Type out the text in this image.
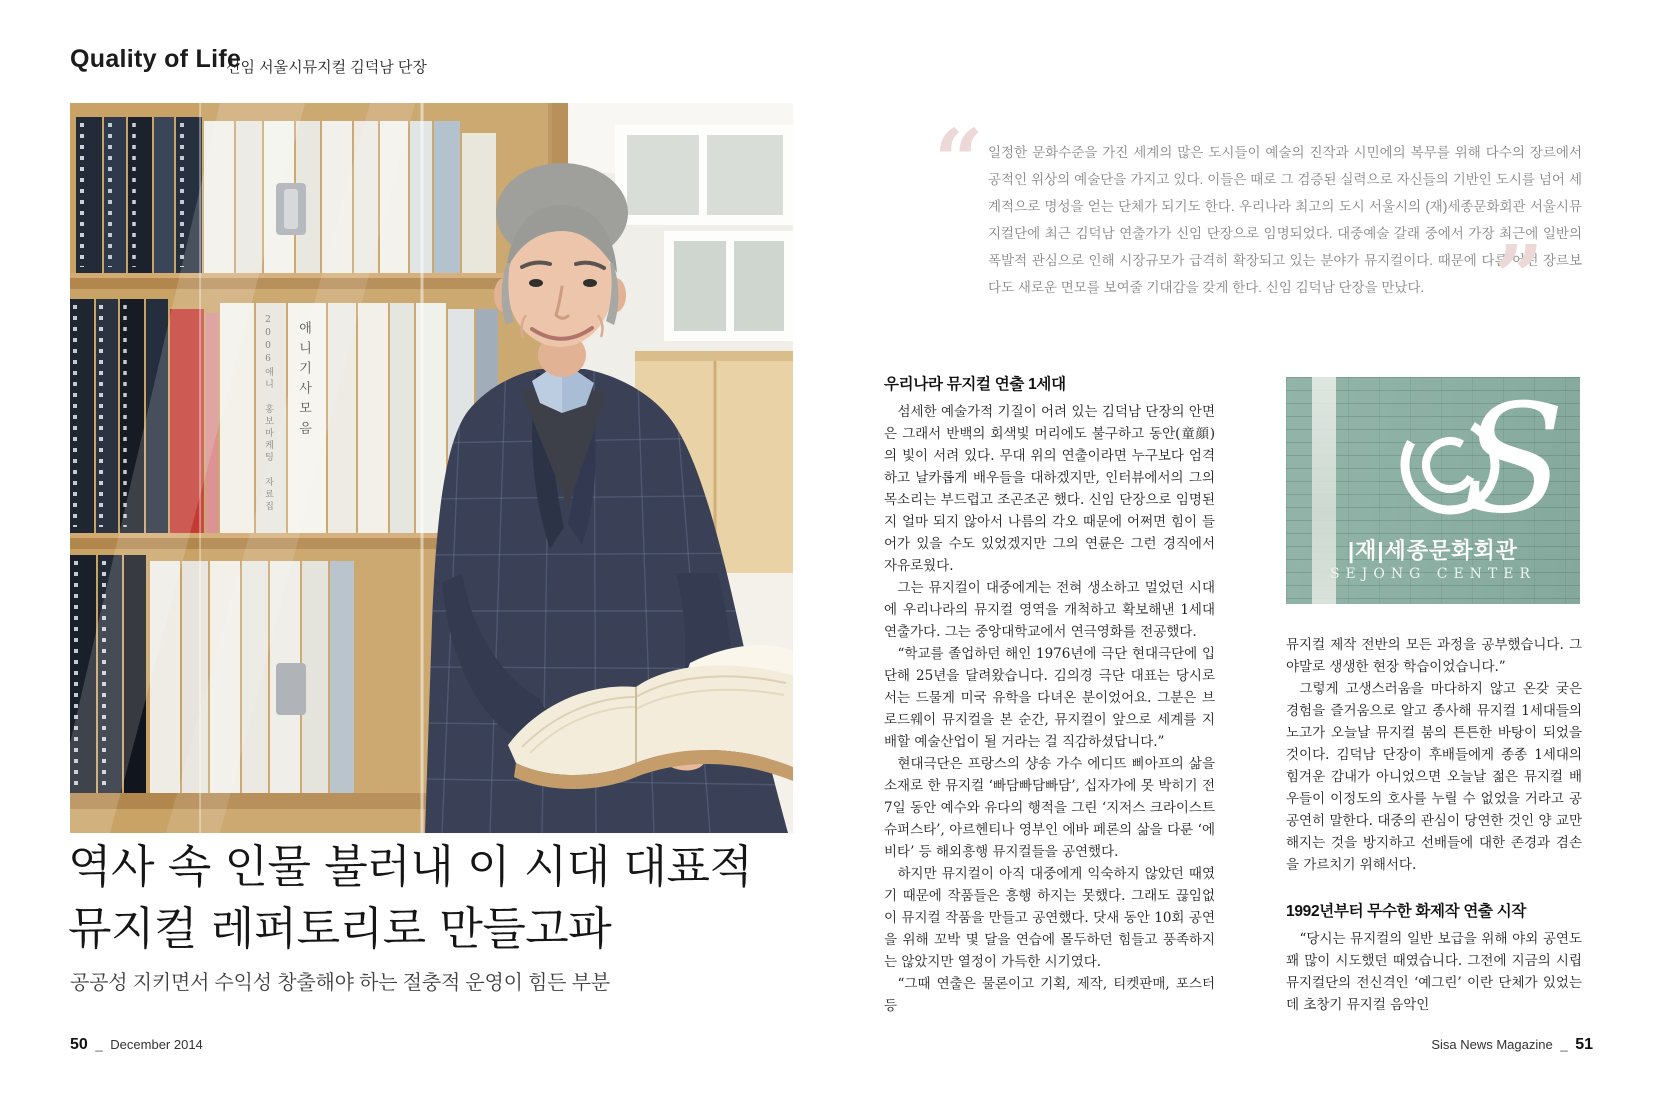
Quality of Life
신임 서울시뮤지컬 김덕남 단장
2006애니 홍보마케팅 자료집 애니기사모음
역사 속 인물 불러내 이 시대 대표적
뮤지컬 레퍼토리로 만들고파
공공성 지키면서 수익성 창출해야 하는 절충적 운영이 힘든 부분
50 _ December 2014
“ 일정한 문화수준을 가진 세계의 많은 도시들이 예술의 진작과 시민에의 복무를 위해 다수의 장르에서 공적인 위상의 예술단을 가지고 있다. 이들은 때로 그 검증된 실력으로 자신들의 기반인 도시를 넘어 세계적으로 명성을 얻는 단체가 되기도 한다. 우리나라 최고의 도시 서울시의 (재)세종문화회관 서울시뮤지컬단에 최근 김덕남 연출가가 신임 단장으로 임명되었다. 대중예술 갈래 중에서 가장 최근에 일반의 폭발적 관심으로 인해 시장규모가 급격히 확장되고 있는 분야가 뮤지컬이다. 때문에 다른 어떤 장르보다도 새로운 면모를 보여줄 기대감을 갖게 한다. 신임 김덕남 단장을 만났다. ”
우리나라 뮤지컬 연출 1세대

섬세한 예술가적 기질이 어려 있는 김덕남 단장의 안면은 그래서 반백의 회색빛 머리에도 불구하고 동안(童顔)의 빛이 서려 있다. 무대 위의 연출이라면 누구보다 엄격하고 날카롭게 배우들을 대하겠지만, 인터뷰에서의 그의 목소리는 부드럽고 조곤조곤 했다. 신임 단장으로 임명된지 얼마 되지 않아서 나름의 각오 때문에 어쩌면 힘이 들어가 있을 수도 있었겠지만 그의 연륜은 그런 경직에서 자유로웠다.

그는 뮤지컬이 대중에게는 전혀 생소하고 멀었던 시대에 우리나라의 뮤지컬 영역을 개척하고 확보해낸 1세대 연출가다. 그는 중앙대학교에서 연극영화를 전공했다.

“학교를 졸업하던 해인 1976년에 극단 현대극단에 입단해 25년을 달려왔습니다. 김의경 극단 대표는 당시로서는 드물게 미국 유학을 다녀온 분이었어요. 그분은 브로드웨이 뮤지컬을 본 순간, 뮤지컬이 앞으로 세계를 지배할 예술산업이 될 거라는 걸 직감하셨답니다.”

현대극단은 프랑스의 샹송 가수 에디뜨 삐아프의 삶을 소재로 한 뮤지컬 ‘빠담빠담빠담’, 십자가에 못 박히기 전 7일 동안 예수와 유다의 행적을 그린 ‘지저스 크라이스트 슈퍼스타’, 아르헨티나 영부인 에바 페론의 삶을 다룬 ‘에비타’ 등 해외흥행 뮤지컬들을 공연했다.

하지만 뮤지컬이 아직 대중에게 익숙하지 않았던 때였기 때문에 작품들은 흥행 하지는 못했다. 그래도 끊임없이 뮤지컬 작품을 만들고 공연했다. 닷새 동안 10회 공연을 위해 꼬박 몇 달을 연습에 몰두하던 힘들고 풍족하지는 않았지만 열정이 가득한 시기였다.

“그때 연출은 물론이고 기획, 제작, 티켓판매, 포스터 등

S
|재|세종문화회관
SEJONG CENTER

뮤지컬 제작 전반의 모든 과정을 공부했습니다. 그야말로 생생한 현장 학습이었습니다.”

그렇게 고생스러움을 마다하지 않고 온갖 궂은 경험을 즐거움으로 알고 종사해 뮤지컬 1세대들의 노고가 오늘날 뮤지컬 붐의 튼튼한 바탕이 되었을 것이다. 김덕남 단장이 후배들에게 종종 1세대의 힘겨운 감내가 아니었으면 오늘날 젊은 뮤지컬 배우들이 이정도의 호사를 누릴 수 없었을 거라고 공공연히 말한다. 대중의 관심이 당연한 것인 양 교만해지는 것을 방지하고 선배들에 대한 존경과 겸손을 가르치기 위해서다.

1992년부터 무수한 화제작 연출 시작

“당시는 뮤지컬의 일반 보급을 위해 야외 공연도 꽤 많이 시도했던 때였습니다. 그전에 지금의 시립뮤지컬단의 전신격인 ‘예그린’ 이란 단체가 있었는데 초창기 뮤지컬 음악인

Sisa News Magazine _ 51
